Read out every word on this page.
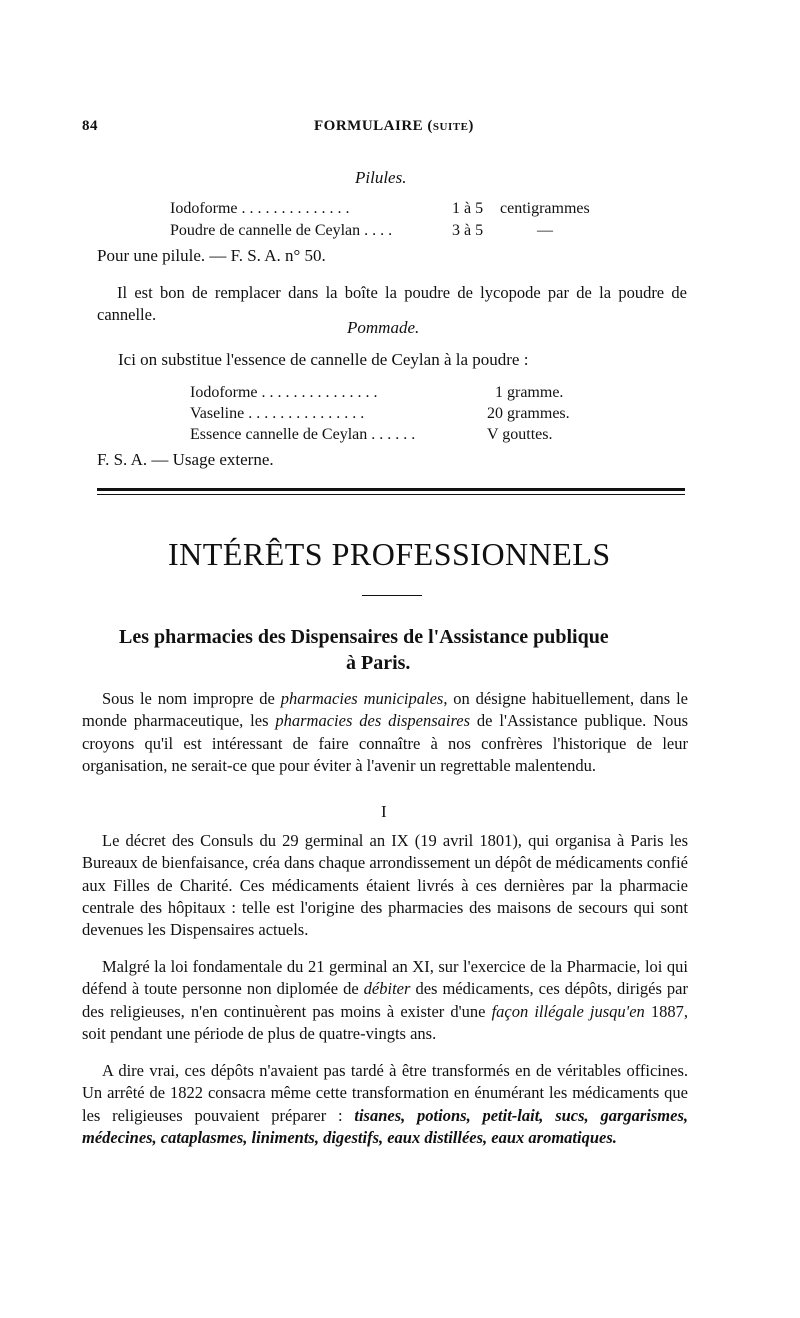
84	FORMULAIRE (suite)
Pilules.
Iodoforme . . . . . . . . . . . . . .	1 à 5 centigrammes
Poudre de cannelle de Ceylan . . . .	3 à 5	—
Pour une pilule. — F. S. A. n° 50.

Il est bon de remplacer dans la boîte la poudre de lycopode par de la poudre de cannelle.

Pommade.
Ici on substitue l'essence de cannelle de Ceylan à la poudre :
Iodoforme . . . . . . . . . . . . . . .	1 gramme.
Vaseline . . . . . . . . . . . . . . .	20 grammes.
Essence cannelle de Ceylan . . . . . .	V gouttes.
F. S. A. — Usage externe.
INTÉRÊTS PROFESSIONNELS
Les pharmacies des Dispensaires de l'Assistance publique
à Paris.

Sous le nom impropre de pharmacies municipales, on désigne habituellement, dans le monde pharmaceutique, les pharmacies des dispensaires de l'Assistance publique. Nous croyons qu'il est intéressant de faire connaître à nos confrères l'historique de leur organisation, ne serait-ce que pour éviter à l'avenir un regrettable malentendu.

I

Le décret des Consuls du 29 germinal an IX (19 avril 1801), qui organisa à Paris les Bureaux de bienfaisance, créa dans chaque arrondissement un dépôt de médicaments confié aux Filles de Charité. Ces médicaments étaient livrés à ces dernières par la pharmacie centrale des hôpitaux : telle est l'origine des pharmacies des maisons de secours qui sont devenues les Dispensaires actuels.

Malgré la loi fondamentale du 21 germinal an XI, sur l'exercice de la Pharmacie, loi qui défend à toute personne non diplomée de débiter des médicaments, ces dépôts, dirigés par des religieuses, n'en continuèrent pas moins à exister d'une façon illégale jusqu'en 1887, soit pendant une période de plus de quatre-vingts ans.

A dire vrai, ces dépôts n'avaient pas tardé à être transformés en de véritables officines. Un arrêté de 1822 consacra même cette transformation en énumérant les médicaments que les religieuses pouvaient préparer : tisanes, potions, petit-lait, sucs, gargarismes, médecines, cataplasmes, liniments, digestifs, eaux distillées, eaux aromatiques.
